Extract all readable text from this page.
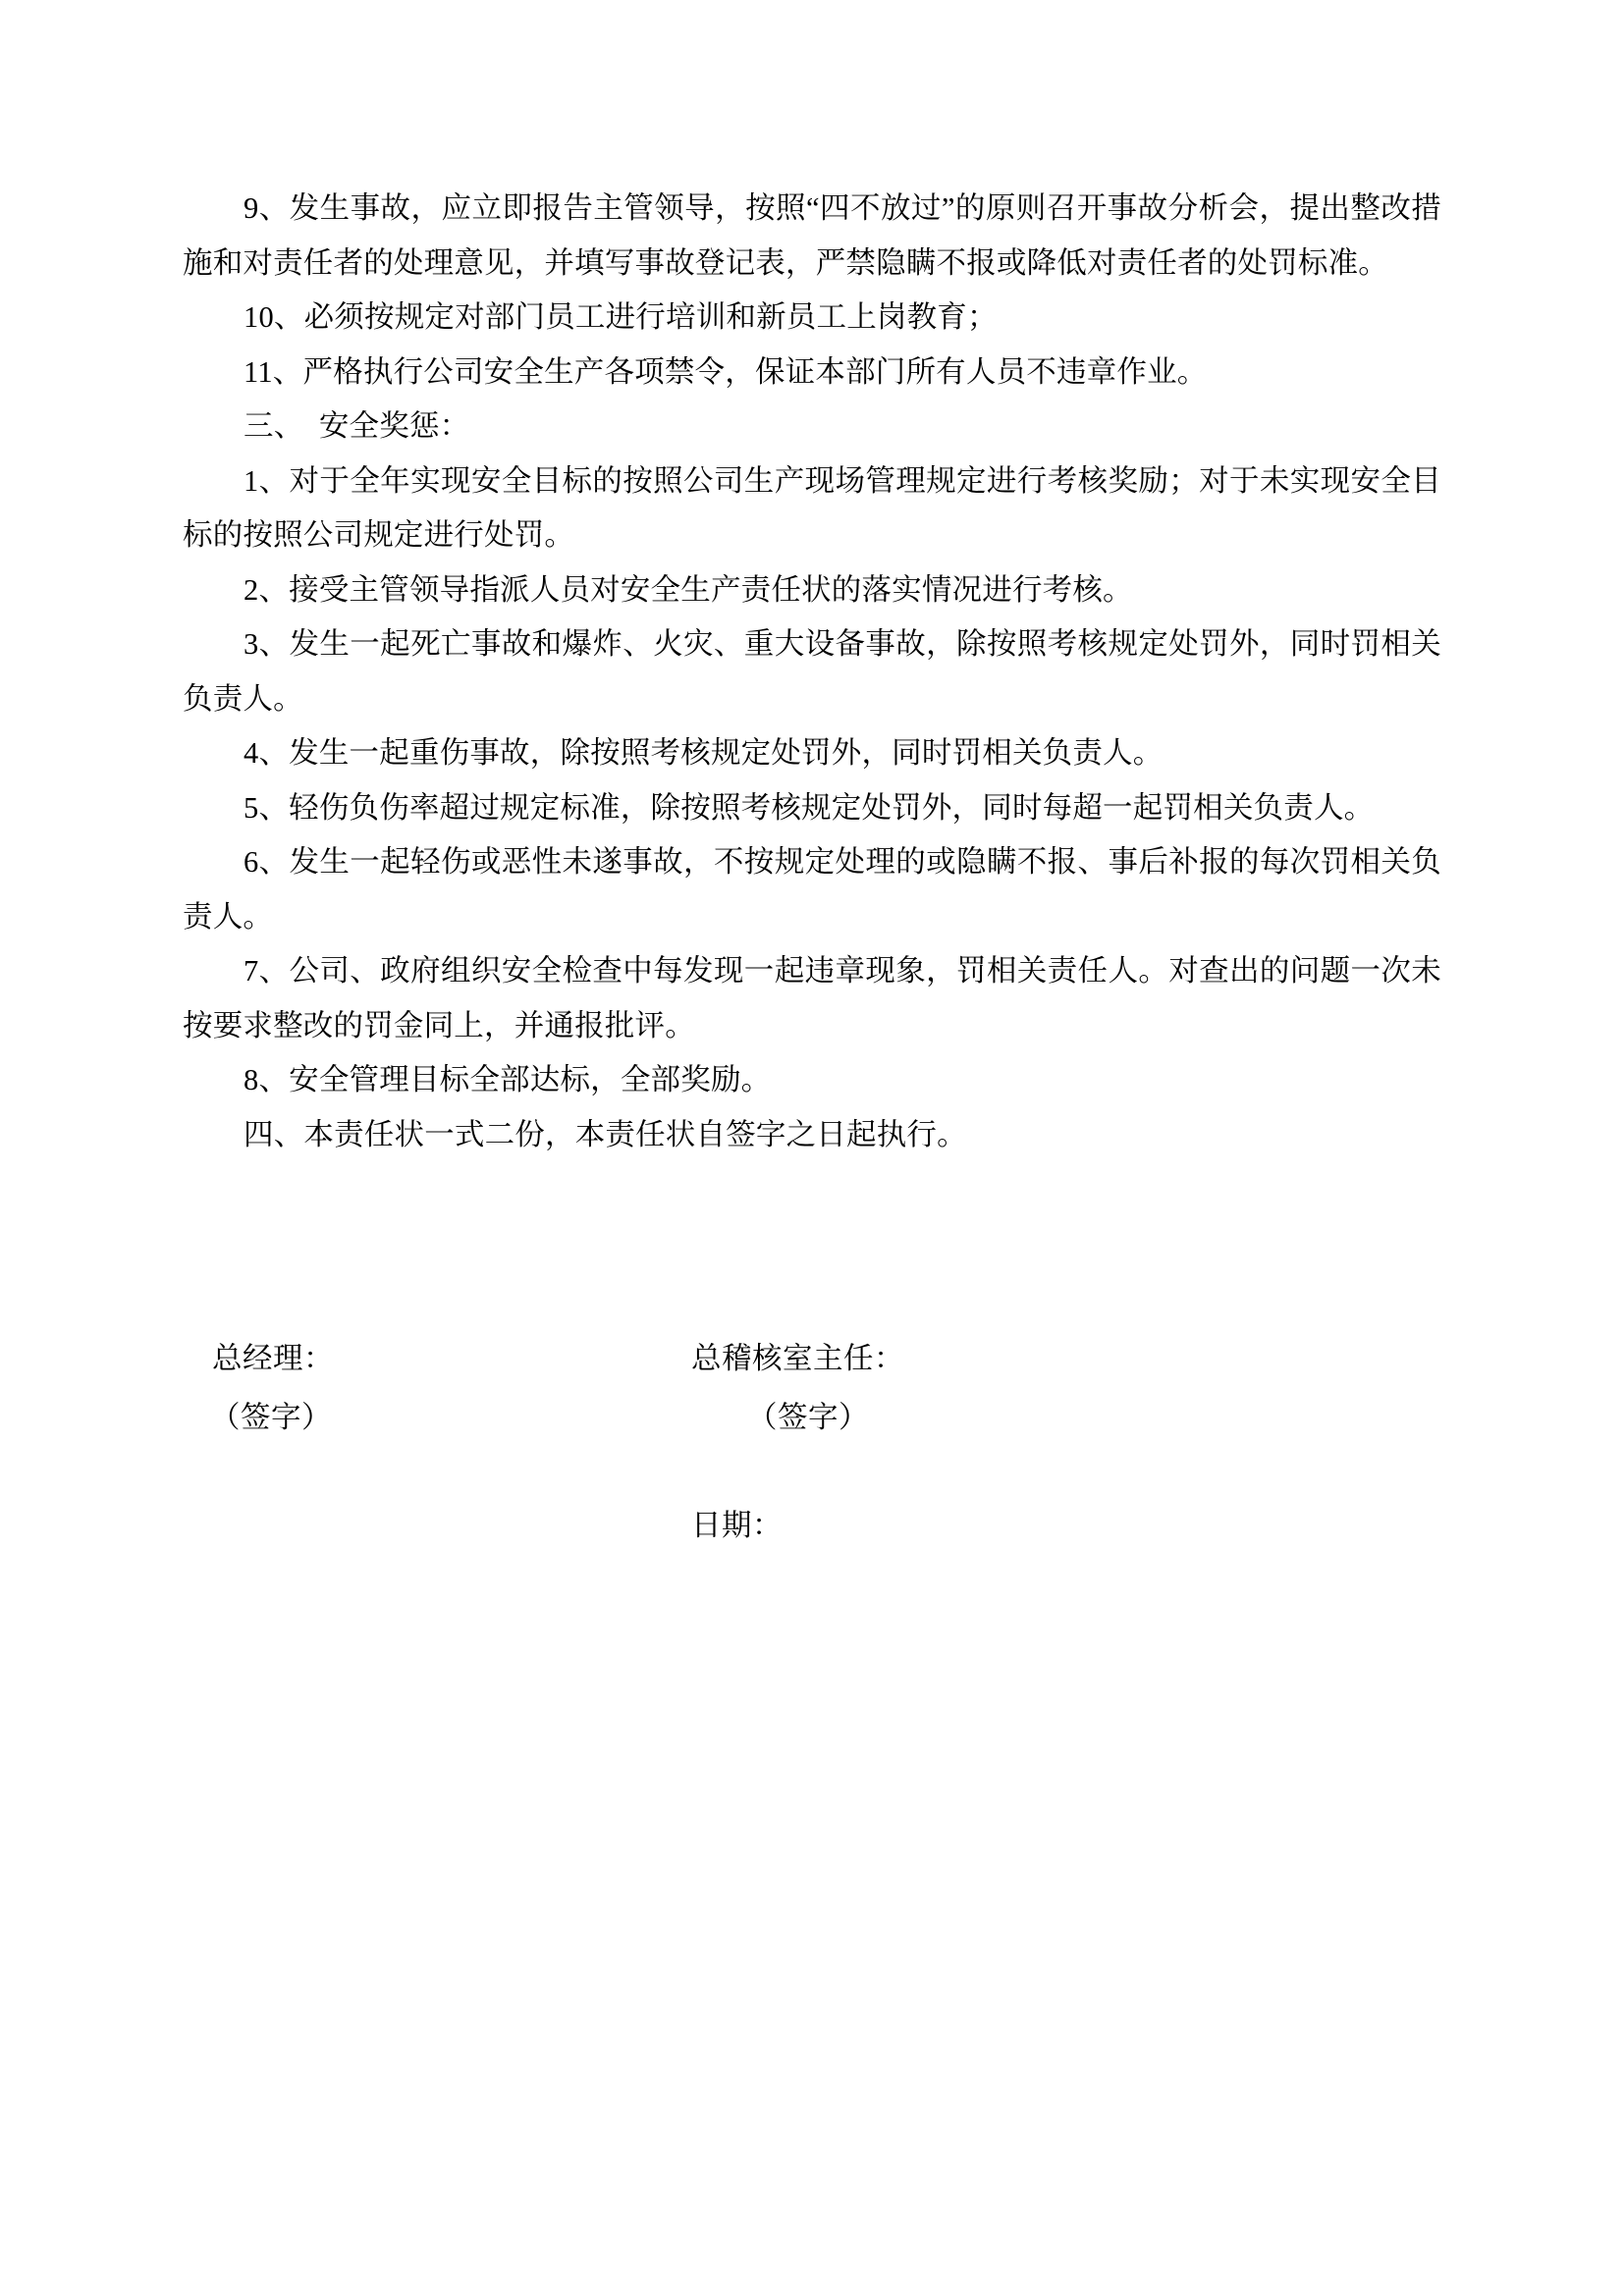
9、发生事故，应立即报告主管领导，按照“四不放过”的原则召开事故分析会，提出整改措施和对责任者的处理意见，并填写事故登记表，严禁隐瞒不报或降低对责任者的处罚标准。

10、必须按规定对部门员工进行培训和新员工上岗教育；

11、严格执行公司安全生产各项禁令，保证本部门所有人员不违章作业。

三、　安全奖惩：

1、对于全年实现安全目标的按照公司生产现场管理规定进行考核奖励；对于未实现安全目标的按照公司规定进行处罚。

2、接受主管领导指派人员对安全生产责任状的落实情况进行考核。

3、发生一起死亡事故和爆炸、火灾、重大设备事故，除按照考核规定处罚外，同时罚相关负责人。

4、发生一起重伤事故，除按照考核规定处罚外，同时罚相关负责人。

5、轻伤负伤率超过规定标准，除按照考核规定处罚外，同时每超一起罚相关负责人。

6、发生一起轻伤或恶性未遂事故，不按规定处理的或隐瞒不报、事后补报的每次罚相关负责人。

7、公司、政府组织安全检查中每发现一起违章现象，罚相关责任人。对查出的问题一次未按要求整改的罚金同上，并通报批评。

8、安全管理目标全部达标，全部奖励。

四、本责任状一式二份，本责任状自签字之日起执行。

总经理：	总稽核室主任：
（签字）	（签字）
日期：
